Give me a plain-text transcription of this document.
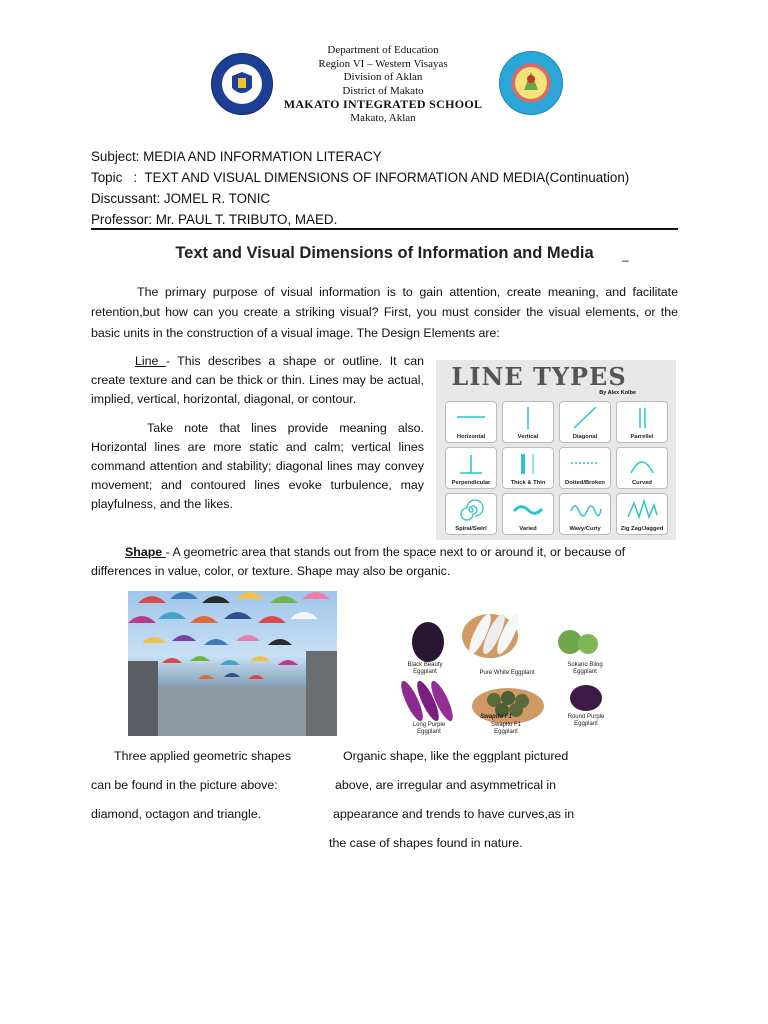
Department of Education
Region VI – Western Visayas
Division of Aklan
District of Makato
MAKATO INTEGRATED SCHOOL
Makato, Aklan
Subject: MEDIA AND INFORMATION LITERACY
Topic   :  TEXT AND VISUAL DIMENSIONS OF INFORMATION AND MEDIA(Continuation)
Discussant: JOMEL R. TONIC
Professor: Mr. PAUL T. TRIBUTO, MAED.
Text and Visual Dimensions of Information and Media	_
The primary purpose of visual information is to gain attention, create meaning, and facilitate retention,but how can you create a striking visual? First, you must consider the visual elements, or the basic units in the construction of a visual image. The Design Elements are:

Line - This describes a shape or outline. It can create texture and can be thick or thin. Lines may be actual, implied, vertical, horizontal, diagonal, or contour.

Take note that lines provide meaning also. Horizontal lines are more static and calm; vertical lines command attention and stability; diagonal lines may convey movement; and contoured lines evoke turbulence, may playfulness, and the likes.

LINE TYPES
By Alex Kolbe
Horizontal	Vertical	Diagonal	Parrellel
Perpendicular	Thick & Thin	Dotted/Broken	Curved
Spiral/Swirl	Varied	Wavy/Curly	Zig Zag/Jagged
Shape - A geometric area that stands out from the space next to or around it, or because of differences in value, color, or texture. Shape may also be organic.
Black Beauty Eggplant	Pure White Eggplant
Sokano Bilog Eggplant
Long Purple Eggplant
Swapito F1 Eggplant
Round Purple Eggplant
Swapito F1
Three applied geometric shapes
can be found in the picture above:
diamond, octagon and triangle.
Organic shape, like the eggplant pictured
above, are irregular and asymmetrical in
appearance and trends to have curves,as in
the case of shapes found in nature.
